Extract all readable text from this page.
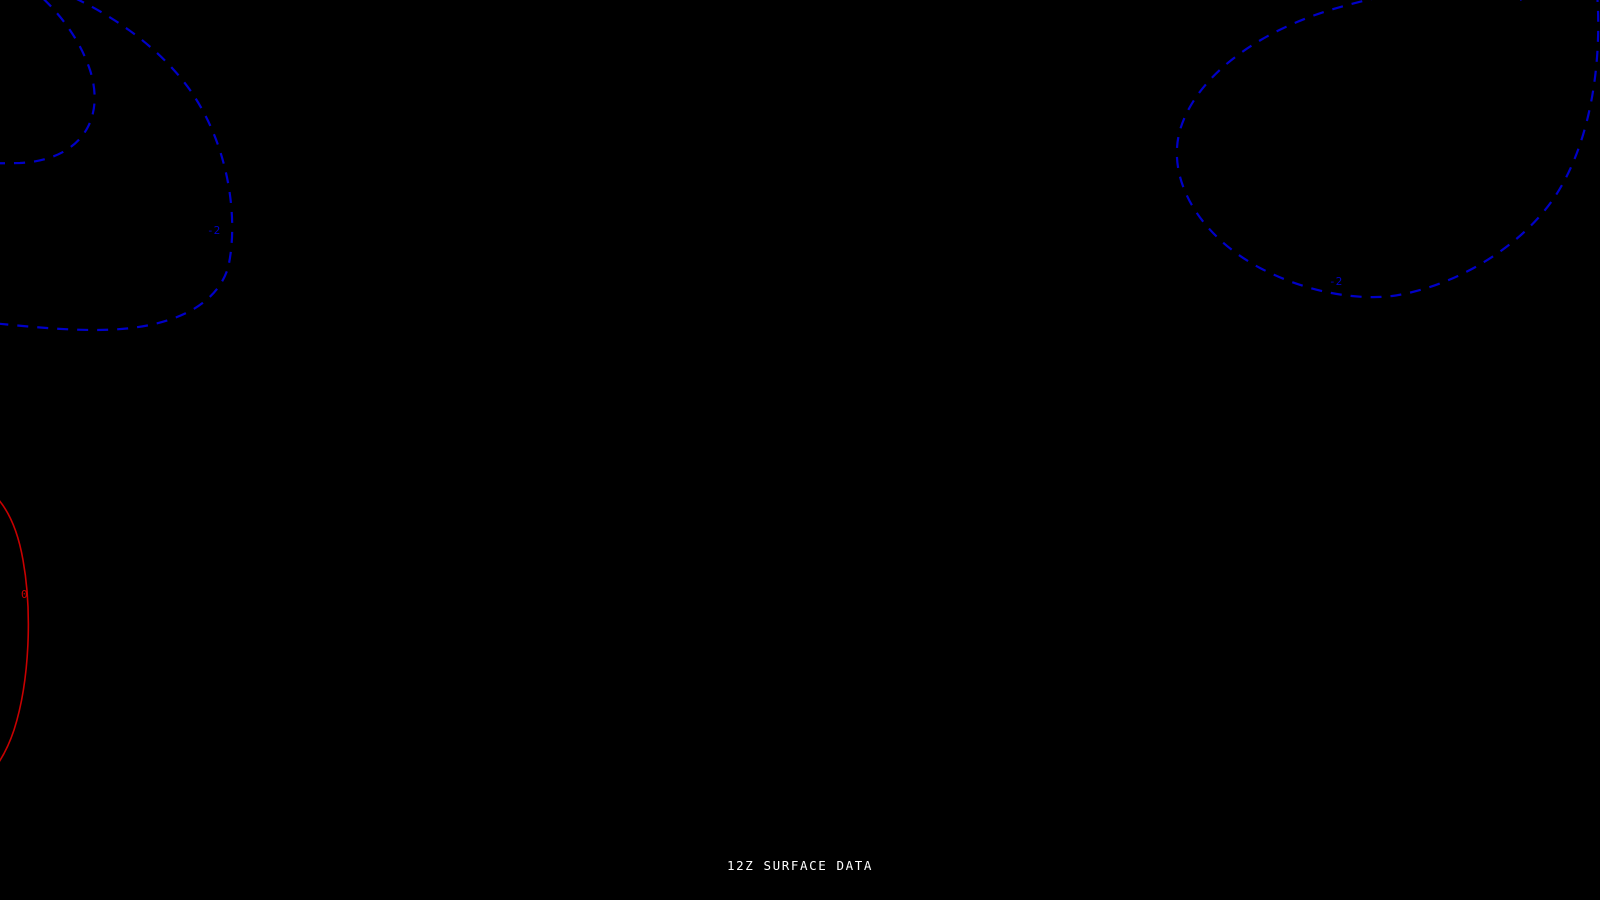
-2
-2
0
12Z SURFACE DATA
